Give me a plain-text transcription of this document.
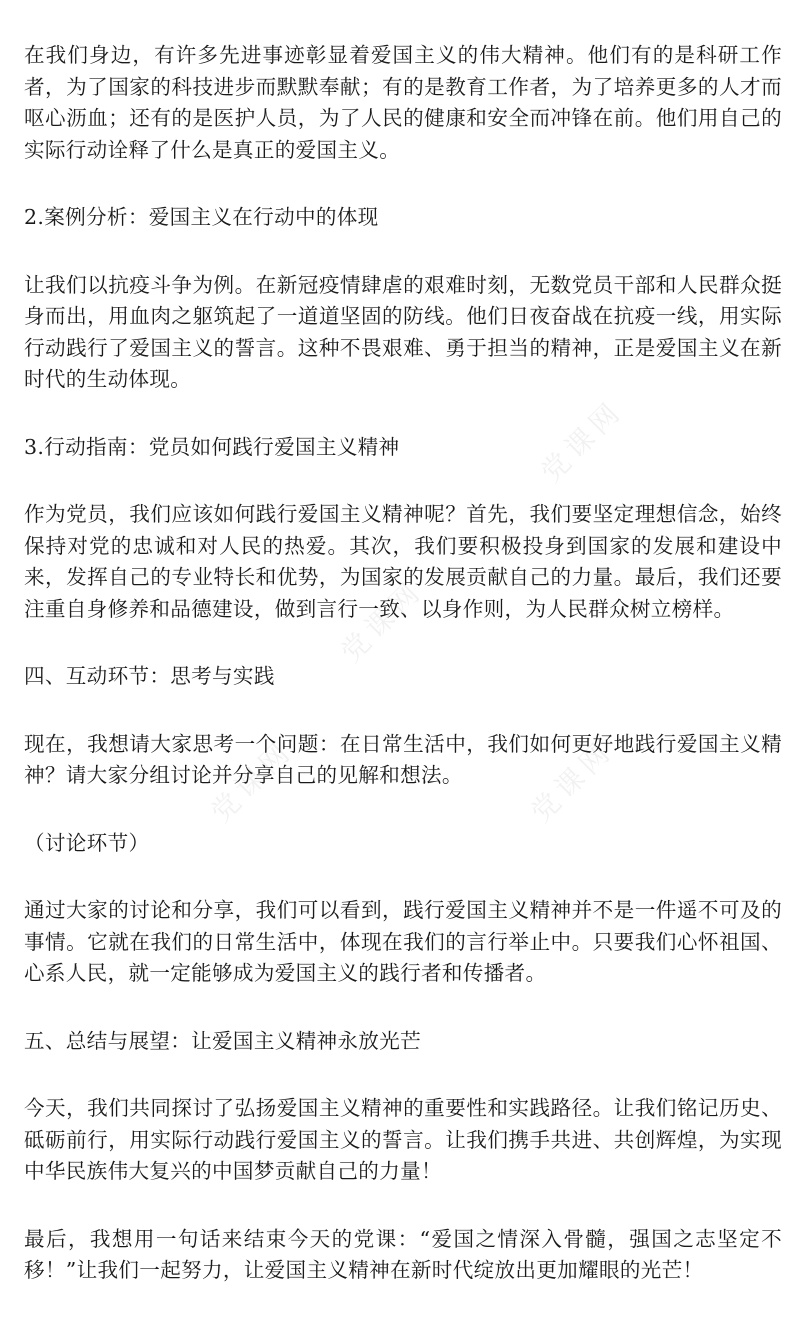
党课网
党课网
党课网	党课网

在我们身边，有许多先进事迹彰显着爱国主义的伟大精神。他们有的是科研工作者，为了国家的科技进步而默默奉献；有的是教育工作者，为了培养更多的人才而呕心沥血；还有的是医护人员，为了人民的健康和安全而冲锋在前。他们用自己的实际行动诠释了什么是真正的爱国主义。

2.案例分析：爱国主义在行动中的体现

让我们以抗疫斗争为例。在新冠疫情肆虐的艰难时刻，无数党员干部和人民群众挺身而出，用血肉之躯筑起了一道道坚固的防线。他们日夜奋战在抗疫一线，用实际行动践行了爱国主义的誓言。这种不畏艰难、勇于担当的精神，正是爱国主义在新时代的生动体现。

3.行动指南：党员如何践行爱国主义精神

作为党员，我们应该如何践行爱国主义精神呢？首先，我们要坚定理想信念，始终保持对党的忠诚和对人民的热爱。其次，我们要积极投身到国家的发展和建设中来，发挥自己的专业特长和优势，为国家的发展贡献自己的力量。最后，我们还要注重自身修养和品德建设，做到言行一致、以身作则，为人民群众树立榜样。

四、互动环节：思考与实践

现在，我想请大家思考一个问题：在日常生活中，我们如何更好地践行爱国主义精神？请大家分组讨论并分享自己的见解和想法。

（讨论环节）

通过大家的讨论和分享，我们可以看到，践行爱国主义精神并不是一件遥不可及的事情。它就在我们的日常生活中，体现在我们的言行举止中。只要我们心怀祖国、心系人民，就一定能够成为爱国主义的践行者和传播者。

五、总结与展望：让爱国主义精神永放光芒

今天，我们共同探讨了弘扬爱国主义精神的重要性和实践路径。让我们铭记历史、砥砺前行，用实际行动践行爱国主义的誓言。让我们携手共进、共创辉煌，为实现中华民族伟大复兴的中国梦贡献自己的力量！

最后，我想用一句话来结束今天的党课：“爱国之情深入骨髓，强国之志坚定不移！”让我们一起努力，让爱国主义精神在新时代绽放出更加耀眼的光芒！
